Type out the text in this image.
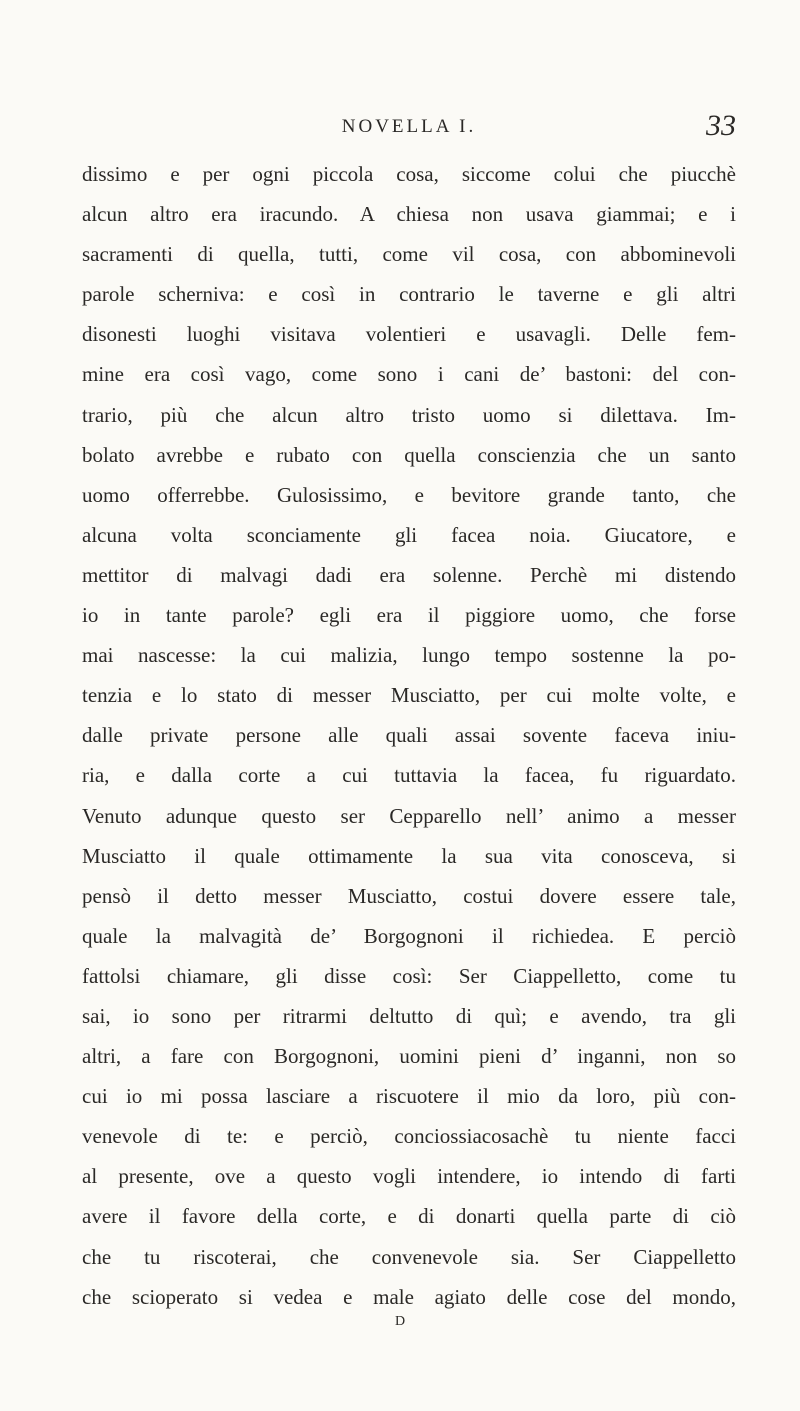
NOVELLA I.	33
dissimo e per ogni piccola cosa, siccome colui che piucchè
alcun altro era iracundo. A chiesa non usava giammai; e i
sacramenti di quella, tutti, come vil cosa, con abbominevoli
parole scherniva: e così in contrario le taverne e gli altri
disonesti luoghi visitava volentieri e usavagli. Delle fem-
mine era così vago, come sono i cani de’ bastoni: del con-
trario, più che alcun altro tristo uomo si dilettava. Im-
bolato avrebbe e rubato con quella conscienzia che un santo
uomo offerrebbe. Gulosissimo, e bevitore grande tanto, che
alcuna volta sconciamente gli facea noia. Giucatore, e
mettitor di malvagi dadi era solenne. Perchè mi distendo
io in tante parole? egli era il piggiore uomo, che forse
mai nascesse: la cui malizia, lungo tempo sostenne la po-
tenzia e lo stato di messer Musciatto, per cui molte volte, e
dalle private persone alle quali assai sovente faceva iniu-
ria, e dalla corte a cui tuttavia la facea, fu riguardato.
Venuto adunque questo ser Cepparello nell’ animo a messer
Musciatto il quale ottimamente la sua vita conosceva, si
pensò il detto messer Musciatto, costui dovere essere tale,
quale la malvagità de’ Borgognoni il richiedea. E perciò
fattolsi chiamare, gli disse così: Ser Ciappelletto, come tu
sai, io sono per ritrarmi deltutto di quì; e avendo, tra gli
altri, a fare con Borgognoni, uomini pieni d’ inganni, non so
cui io mi possa lasciare a riscuotere il mio da loro, più con-
venevole di te: e perciò, conciossiacosachè tu niente facci
al presente, ove a questo vogli intendere, io intendo di farti
avere il favore della corte, e di donarti quella parte di ciò
che tu riscoterai, che convenevole sia. Ser Ciappelletto
che scioperato si vedea e male agiato delle cose del mondo,
D
